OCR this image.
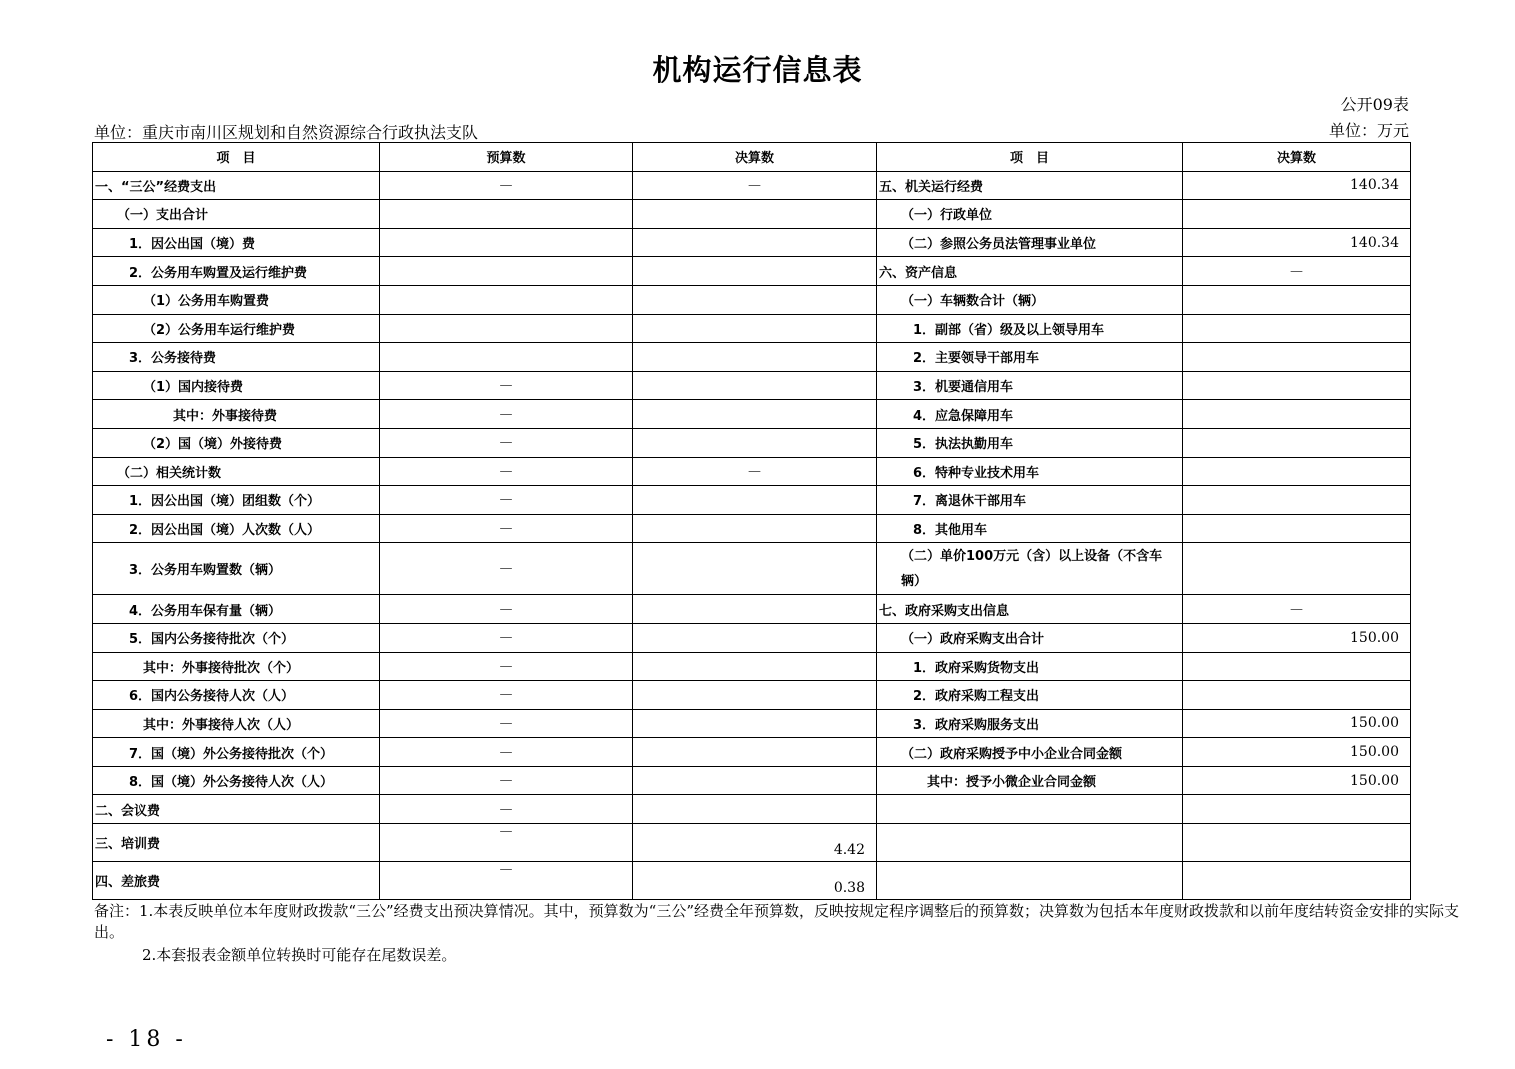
机构运行信息表
公开09表
单位：重庆市南川区规划和自然资源综合行政执法支队	单位：万元
项　目	预算数	决算数	项　目	决算数
一、“三公”经费支出	—	—	五、机关运行经费	140.34
（一）支出合计			（一）行政单位	
1．因公出国（境）费			（二）参照公务员法管理事业单位	140.34
2．公务用车购置及运行维护费			六、资产信息	—
（1）公务用车购置费			（一）车辆数合计（辆）	
（2）公务用车运行维护费			1．副部（省）级及以上领导用车	
3．公务接待费			2．主要领导干部用车	
（1）国内接待费	—		3．机要通信用车	
其中：外事接待费	—		4．应急保障用车	
（2）国（境）外接待费	—		5．执法执勤用车	
（二）相关统计数	—	—	6．特种专业技术用车	
1．因公出国（境）团组数（个）	—		7．离退休干部用车	
2．因公出国（境）人次数（人）	—		8．其他用车	
3．公务用车购置数（辆）	—		（二）单价100万元（含）以上设备（不含车辆）	
4．公务用车保有量（辆）	—		七、政府采购支出信息	—
5．国内公务接待批次（个）	—		（一）政府采购支出合计	150.00
其中：外事接待批次（个）	—		1．政府采购货物支出	
6．国内公务接待人次（人）	—		2．政府采购工程支出	
其中：外事接待人次（人）	—		3．政府采购服务支出	150.00
7．国（境）外公务接待批次（个）	—		（二）政府采购授予中小企业合同金额	150.00
8．国（境）外公务接待人次（人）	—		其中：授予小微企业合同金额	150.00
二、会议费	—			
三、培训费	—	4.42		
四、差旅费	—	0.38		
备注：1.本表反映单位本年度财政拨款“三公”经费支出预决算情况。其中，预算数为“三公”经费全年预算数，反映按规定程序调整后的预算数；决算数为包括本年度财政拨款和以前年度结转资金安排的实际支出。
2.本套报表金额单位转换时可能存在尾数误差。
- 18 -
